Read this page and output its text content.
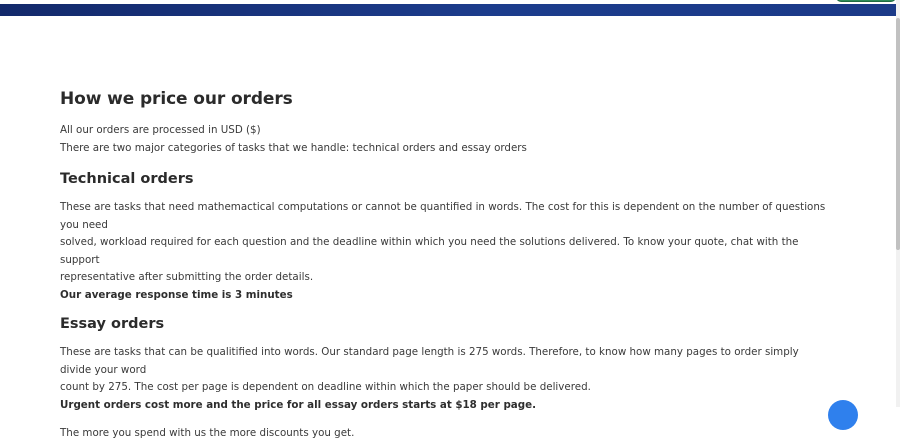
How we price our orders

All our orders are processed in USD ($)

There are two major categories of tasks that we handle: technical orders and essay orders

Technical orders

These are tasks that need mathemactical computations or cannot be quantified in words. The cost for this is dependent on the number of questions you need

solved, workload required for each question and the deadline within which you need the solutions delivered. To know your quote, chat with the support

representative after submitting the order details.

Our average response time is 3 minutes

Essay orders

These are tasks that can be qualitified into words. Our standard page length is 275 words. Therefore, to know how many pages to order simply divide your word

count by 275. The cost per page is dependent on deadline within which the paper should be delivered.

Urgent orders cost more and the price for all essay orders starts at $18 per page.

The more you spend with us the more discounts you get.
